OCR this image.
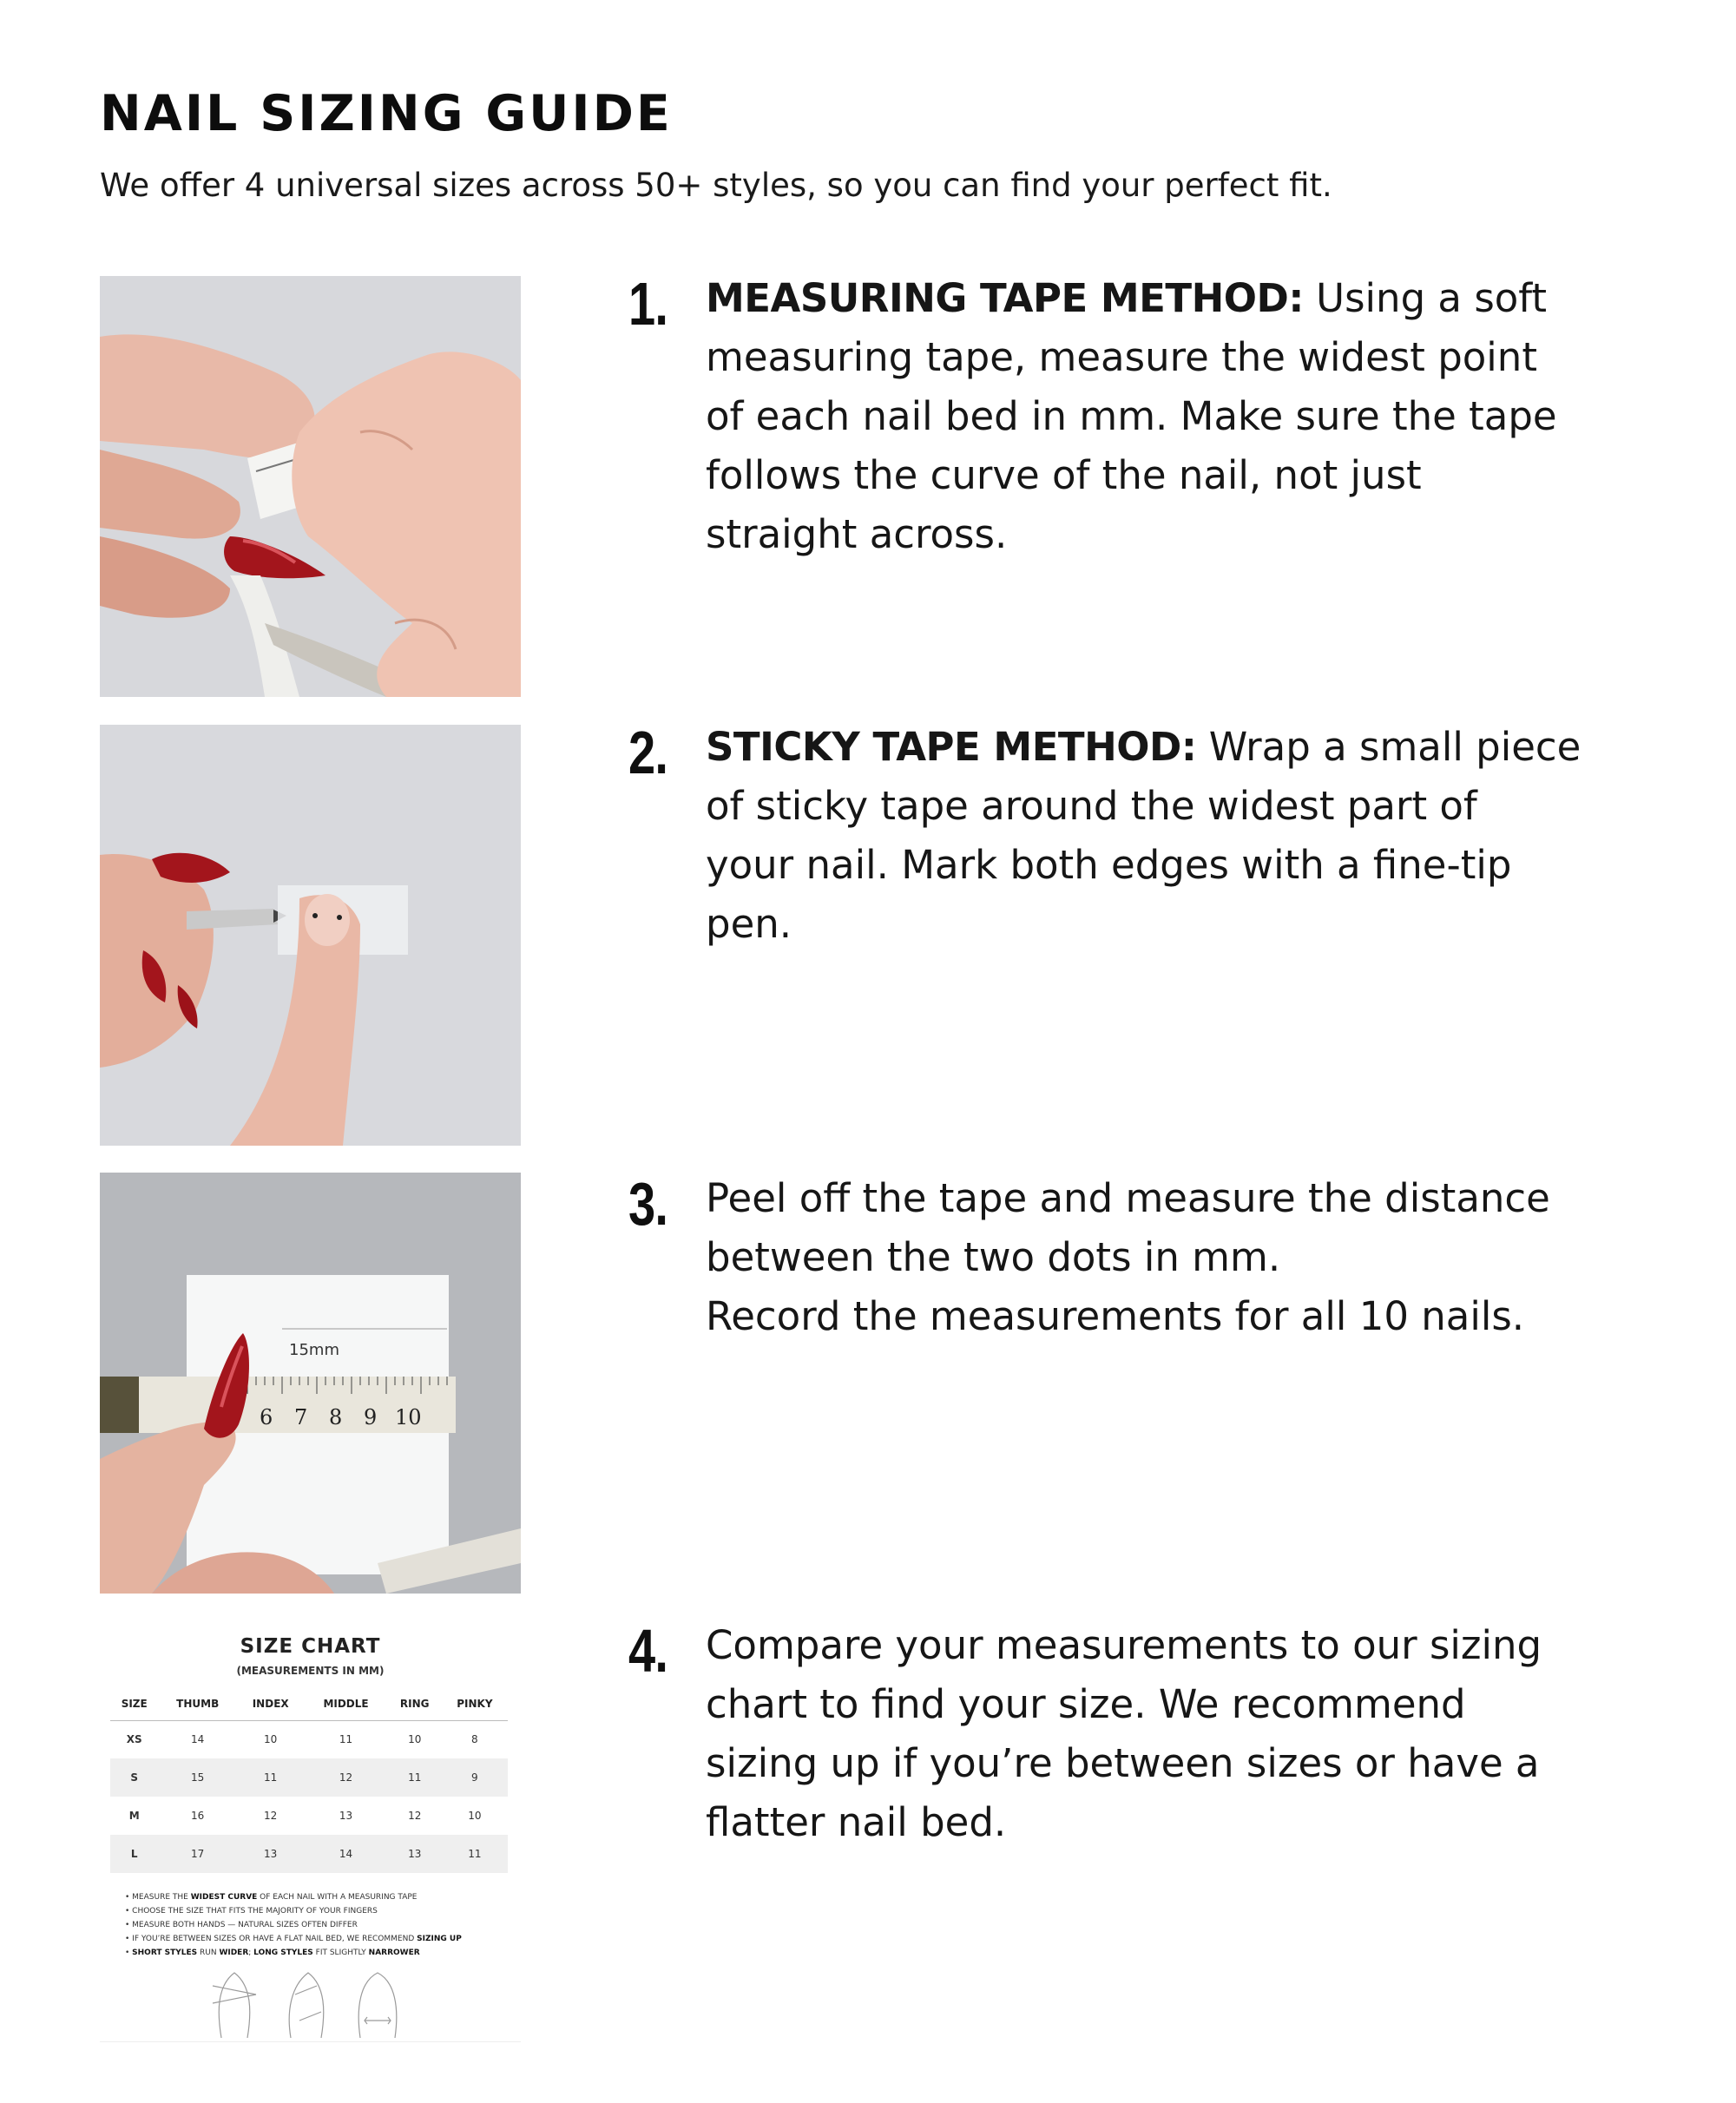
NAIL SIZING GUIDE
We offer 4 universal sizes across 50+ styles, so you can find your perfect fit.
15mm
6 7 8 9 10
SIZE CHART
(MEASUREMENTS IN MM)
SIZE	THUMB	INDEX	MIDDLE	RING	PINKY
XS	14	10	11	10	8
S	15	11	12	11	9
M	16	12	13	12	10
L	17	13	14	13	11
• MEASURE THE WIDEST CURVE OF EACH NAIL WITH A MEASURING TAPE
• CHOOSE THE SIZE THAT FITS THE MAJORITY OF YOUR FINGERS
• MEASURE BOTH HANDS — NATURAL SIZES OFTEN DIFFER
• IF YOU’RE BETWEEN SIZES OR HAVE A FLAT NAIL BED, WE RECOMMEND SIZING UP
• SHORT STYLES RUN WIDER; LONG STYLES FIT SLIGHTLY NARROWER
1. MEASURING TAPE METHOD: Using a soft
measuring tape, measure the widest point
of each nail bed in mm. Make sure the tape
follows the curve of the nail, not just
straight across.
2. STICKY TAPE METHOD: Wrap a small piece
of sticky tape around the widest part of
your nail. Mark both edges with a fine-tip
pen.
3. Peel off the tape and measure the distance
between the two dots in mm.
Record the measurements for all 10 nails.
4. Compare your measurements to our sizing
chart to find your size. We recommend
sizing up if you’re between sizes or have a
flatter nail bed.
